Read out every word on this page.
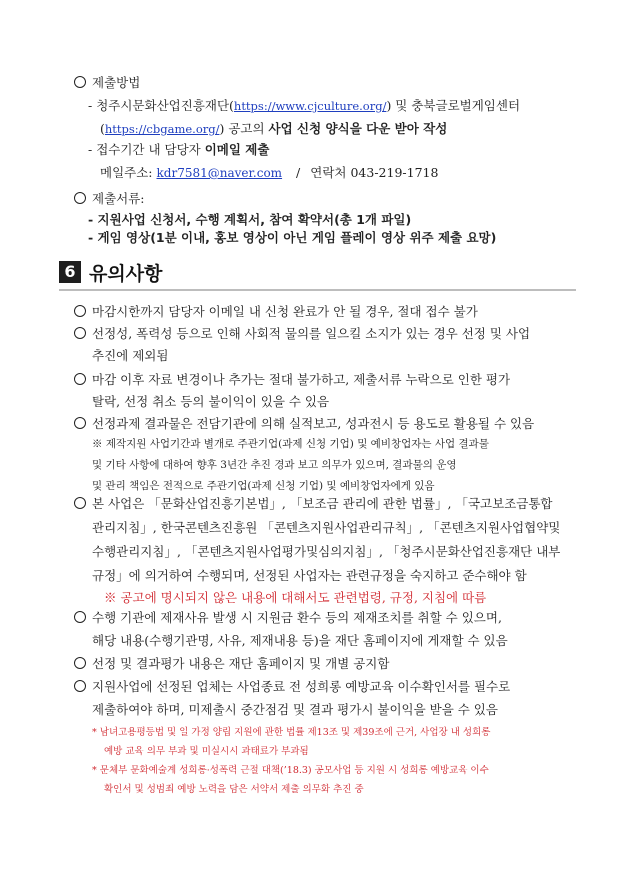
제출방법
- 청주시문화산업진흥재단(https://www.cjculture.org/) 및 충북글로벌게임센터
(https://cbgame.org/) 공고의 사업 신청 양식을 다운 받아 작성
- 접수기간 내 담당자 이메일 제출
메일주소: kdr7581@naver.com / 연락처 043-219-1718
제출서류:
- 지원사업 신청서, 수행 계획서, 참여 확약서(총 1개 파일)
- 게임 영상(1분 이내, 홍보 영상이 아닌 게임 플레이 영상 위주 제출 요망)
6 유의사항
마감시한까지 담당자 이메일 내 신청 완료가 안 될 경우, 절대 접수 불가
선정성, 폭력성 등으로 인해 사회적 물의를 일으킬 소지가 있는 경우 선정 및 사업
추진에 제외됨
마감 이후 자료 변경이나 추가는 절대 불가하고, 제출서류 누락으로 인한 평가
탈락, 선정 취소 등의 불이익이 있을 수 있음
선정과제 결과물은 전담기관에 의해 실적보고, 성과전시 등 용도로 활용될 수 있음
※ 제작지원 사업기간과 별개로 주관기업(과제 신청 기업) 및 예비창업자는 사업 결과물
및 기타 사항에 대하여 향후 3년간 추진 경과 보고 의무가 있으며, 결과물의 운영
및 관리 책임은 전적으로 주관기업(과제 신청 기업) 및 예비창업자에게 있음
본 사업은 「문화산업진흥기본법」, 「보조금 관리에 관한 법률」, 「국고보조금통합
관리지침」, 한국콘텐츠진흥원 「콘텐츠지원사업관리규칙」, 「콘텐츠지원사업협약및
수행관리지침」, 「콘텐츠지원사업평가및심의지침」, 「청주시문화산업진흥재단 내부
규정」에 의거하여 수행되며, 선정된 사업자는 관련규정을 숙지하고 준수해야 함
※ 공고에 명시되지 않은 내용에 대해서도 관련법령, 규정, 지침에 따름
수행 기관에 제재사유 발생 시 지원금 환수 등의 제재조치를 취할 수 있으며,
해당 내용(수행기관명, 사유, 제재내용 등)을 재단 홈페이지에 게재할 수 있음
선정 및 결과평가 내용은 재단 홈페이지 및 개별 공지함
지원사업에 선정된 업체는 사업종료 전 성희롱 예방교육 이수확인서를 필수로
제출하여야 하며, 미제출시 중간점검 및 결과 평가시 불이익을 받을 수 있음
* 남녀고용평등법 및 일 가정 양립 지원에 관한 법률 제13조 및 제39조에 근거, 사업장 내 성희롱
예방 교육 의무 부과 및 미실시시 과태료가 부과됨
* 문체부 문화예술계 성희롱·성폭력 근절 대책(’18.3) 공모사업 등 지원 시 성희롱 예방교육 이수
확인서 및 성범죄 예방 노력을 담은 서약서 제출 의무화 추진 중
